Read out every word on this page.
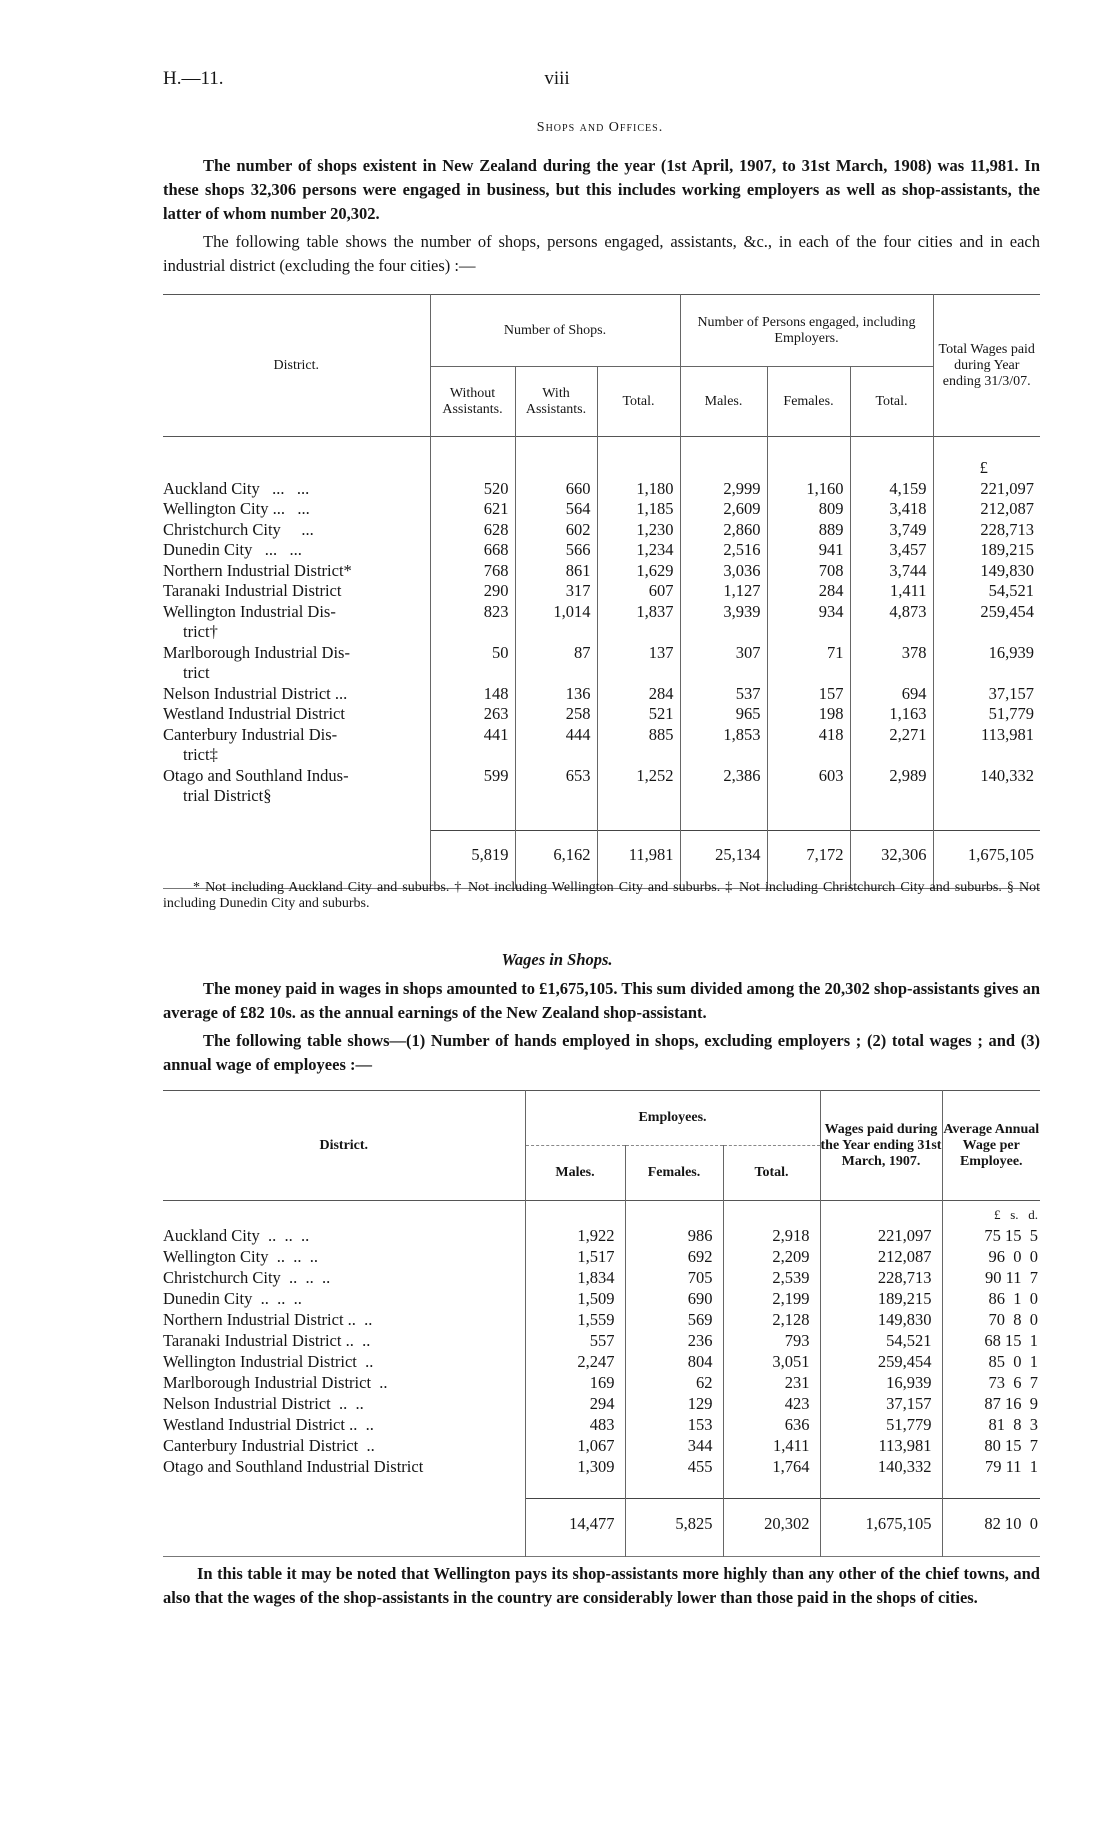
H.—11.	viii
Shops and Offices.
The number of shops existent in New Zealand during the year (1st April, 1907, to 31st March, 1908) was 11,981. In these shops 32,306 persons were engaged in business, but this includes working employers as well as shop-assistants, the latter of whom number 20,302.
The following table shows the number of shops, persons engaged, assistants, &c., in each of the four cities and in each industrial district (excluding the four cities) :—
District.	Number of Shops.			Number of Persons engaged, including Employers.			Total Wages paid during Year ending 31/3/07.
	Without Assistants.	With Assistants.	Total.	Males.	Females.	Total.	
							£

Auckland City   ...   ...	520	660	1,180	2,999	1,160	4,159	221,097

Wellington City ...   ...	621	564	1,185	2,609	809	3,418	212,087

Christchurch City     ...	628	602	1,230	2,860	889	3,749	228,713

Dunedin City   ...   ...	668	566	1,234	2,516	941	3,457	189,215

Northern Industrial District*	768	861	1,629	3,036	708	3,744	149,830

Taranaki Industrial District	290	317	607	1,127	284	1,411	54,521

Wellington Industrial Dis-
trict†	823	1,014	1,837	3,939	934	4,873	259,454

Marlborough Industrial Dis-
trict	50	87	137	307	71	378	16,939

Nelson Industrial District ...	148	136	284	537	157	694	37,157

Westland Industrial District	263	258	521	965	198	1,163	51,779

Canterbury Industrial Dis-
trict‡	441	444	885	1,853	418	2,271	113,981

Otago and Southland Indus-
trial District§	599	653	1,252	2,386	603	2,989	140,332

	5,819	6,162	11,981	25,134	7,172	32,306	1,675,105
* Not including Auckland City and suburbs. † Not including Wellington City and suburbs. ‡ Not including Christchurch City and suburbs. § Not including Dunedin City and suburbs.
Wages in Shops.
The money paid in wages in shops amounted to £1,675,105. This sum divided among the 20,302 shop-assistants gives an average of £82 10s. as the annual earnings of the New Zealand shop-assistant.
The following table shows—(1) Number of hands employed in shops, excluding employers ; (2) total wages ; and (3) annual wage of employees :—
District.	Employees.			Wages paid during the Year ending 31st March, 1907.	Average Annual Wage per Employee.
	Males.	Females.	Total.		
					£   s.   d.
Auckland City  ..  ..  ..	1,922	986	2,918	221,097	75 15  5
Wellington City  ..  ..  ..	1,517	692	2,209	212,087	96  0  0
Christchurch City  ..  ..  ..	1,834	705	2,539	228,713	90 11  7
Dunedin City  ..  ..  ..	1,509	690	2,199	189,215	86  1  0
Northern Industrial District ..  ..	1,559	569	2,128	149,830	70  8  0
Taranaki Industrial District ..  ..	557	236	793	54,521	68 15  1
Wellington Industrial District  ..	2,247	804	3,051	259,454	85  0  1
Marlborough Industrial District  ..	169	62	231	16,939	73  6  7
Nelson Industrial District  ..  ..	294	129	423	37,157	87 16  9
Westland Industrial District ..  ..	483	153	636	51,779	81  8  3
Canterbury Industrial District  ..	1,067	344	1,411	113,981	80 15  7
Otago and Southland Industrial District	1,309	455	1,764	140,332	79 11  1

	14,477	5,825	20,302	1,675,105	82 10  0
In this table it may be noted that Wellington pays its shop-assistants more highly than any other of the chief towns, and also that the wages of the shop-assistants in the country are considerably lower than those paid in the shops of cities.
